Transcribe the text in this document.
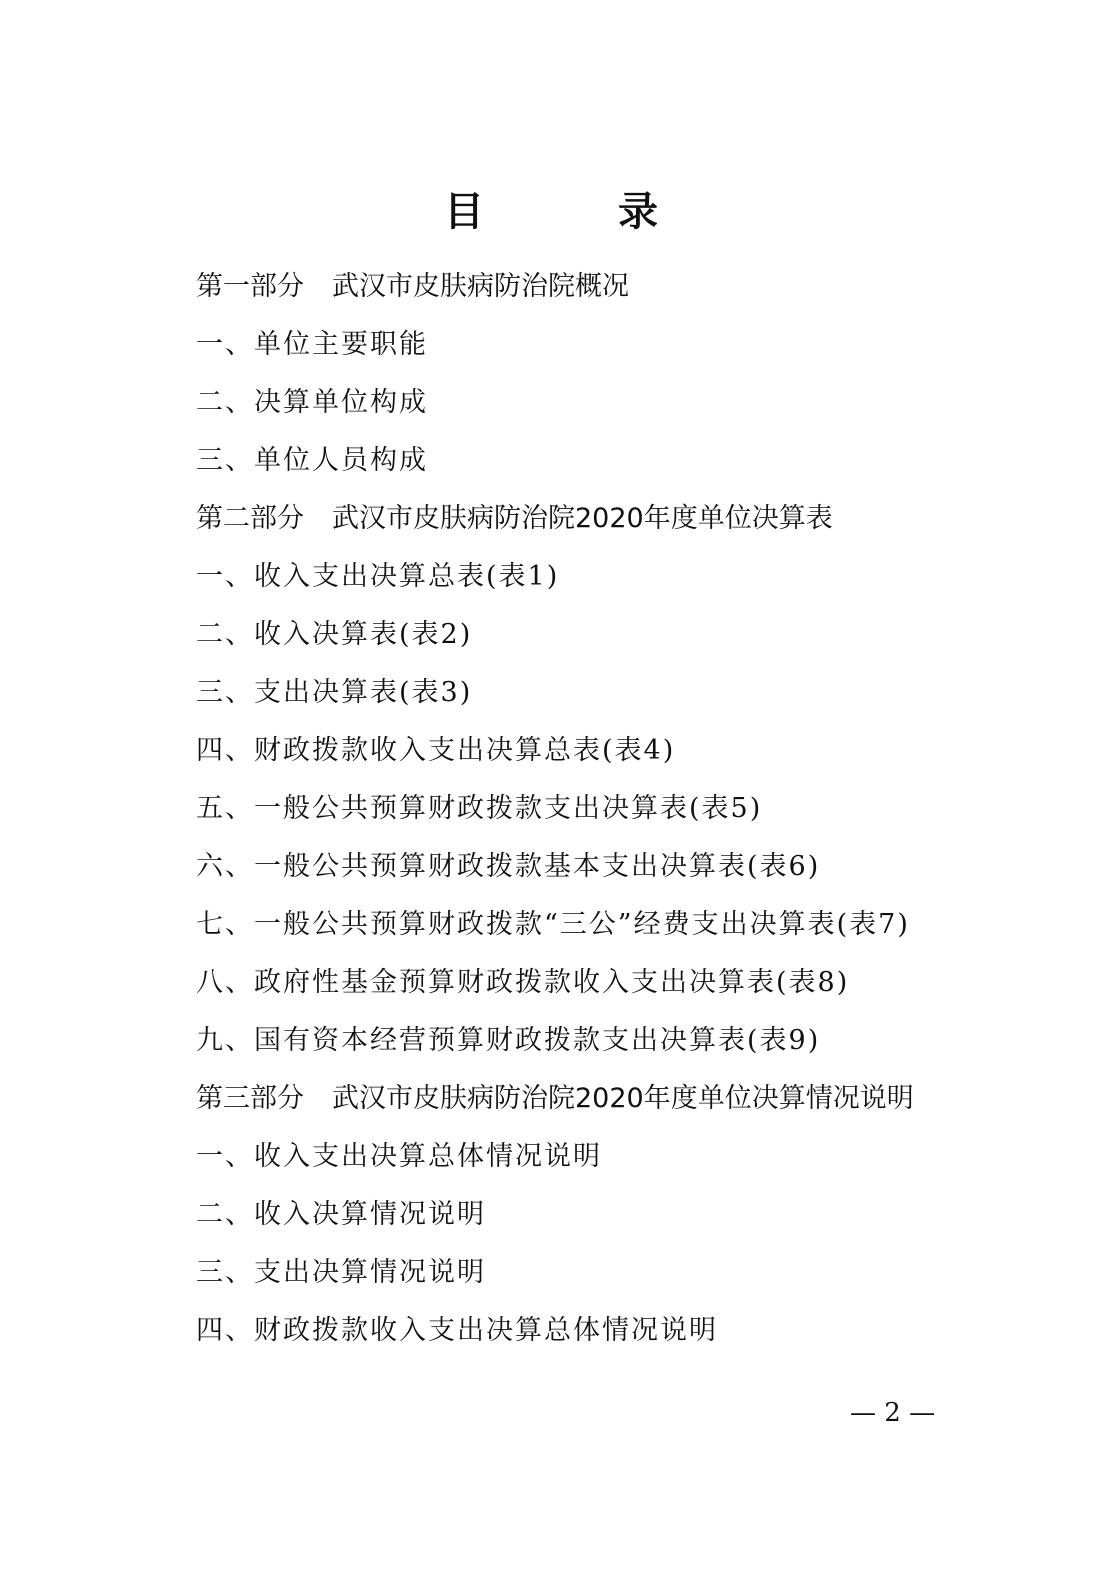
目 录
第一部分 武汉市皮肤病防治院概况
一、单位主要职能
二、决算单位构成
三、单位人员构成
第二部分 武汉市皮肤病防治院2020年度单位决算表
一、收入支出决算总表(表1)
二、收入决算表(表2)
三、支出决算表(表3)
四、财政拨款收入支出决算总表(表4)
五、一般公共预算财政拨款支出决算表(表5)
六、一般公共预算财政拨款基本支出决算表(表6)
七、一般公共预算财政拨款“三公”经费支出决算表(表7)
八、政府性基金预算财政拨款收入支出决算表(表8)
九、国有资本经营预算财政拨款支出决算表(表9)
第三部分 武汉市皮肤病防治院2020年度单位决算情况说明
一、收入支出决算总体情况说明
二、收入决算情况说明
三、支出决算情况说明
四、财政拨款收入支出决算总体情况说明
— 2 —
